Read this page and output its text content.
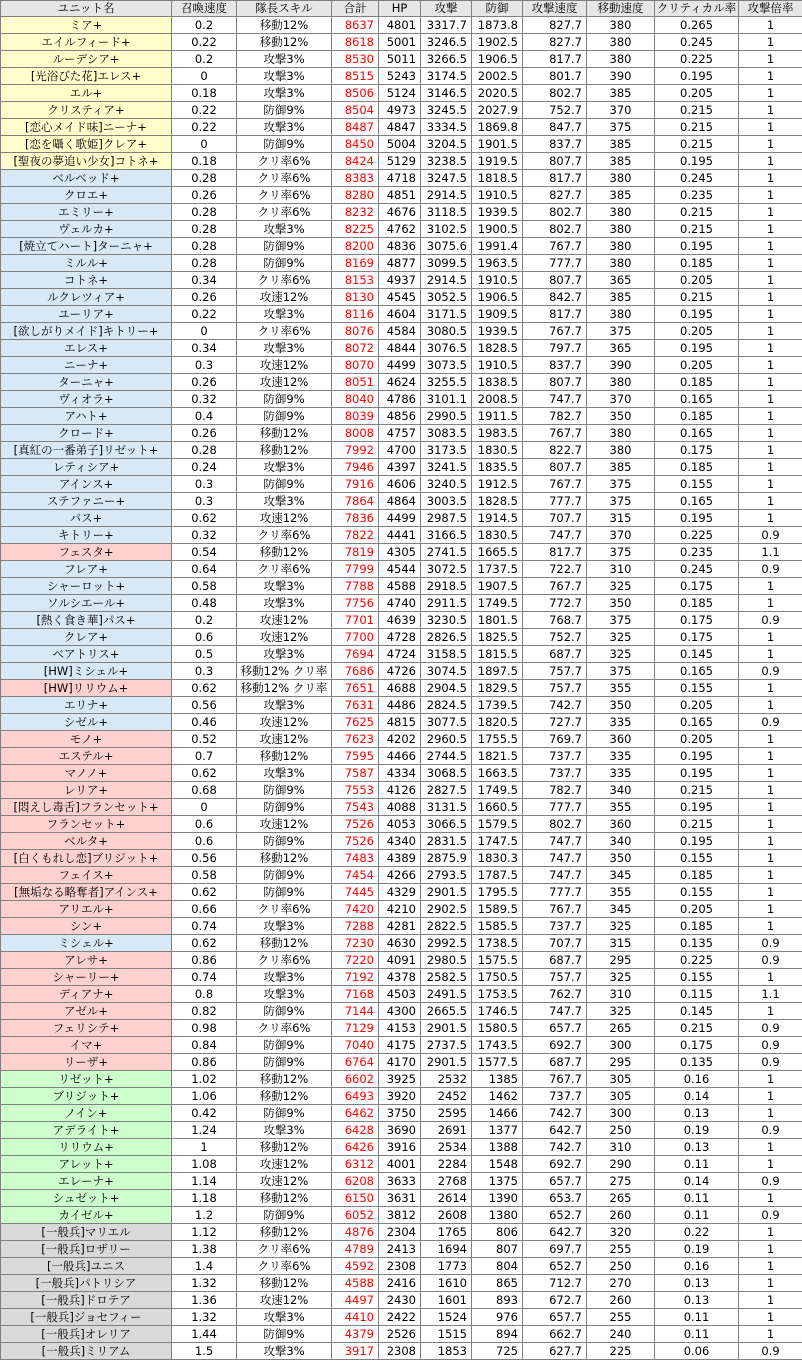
ユニット名	召喚速度	隊長スキル	合計	HP	攻撃	防御	攻撃速度	移動速度	クリティカル率	攻撃倍率
ミア+	0.2	移動12%	8637	4801	3317.7	1873.8	827.7	380	0.265	1
エイルフィード+	0.22	移動12%	8618	5001	3246.5	1902.5	827.7	380	0.245	1
ルーデシア+	0.2	攻撃3%	8530	5011	3266.5	1906.5	817.7	380	0.225	1
[光浴びた花]エレス+	0	攻撃3%	8515	5243	3174.5	2002.5	801.7	390	0.195	1
エル+	0.18	攻撃3%	8506	5124	3146.5	2020.5	802.7	385	0.205	1
クリスティア+	0.22	防御9%	8504	4973	3245.5	2027.9	752.7	370	0.215	1
[恋心メイド味]ニーナ+	0.22	攻撃3%	8487	4847	3334.5	1869.8	847.7	375	0.215	1
[恋を囁く歌姫]クレア+	0	防御9%	8450	5004	3204.5	1901.5	837.7	385	0.215	1
[聖夜の夢追い少女]コトネ+	0.18	クリ率6%	8424	5129	3238.5	1919.5	807.7	385	0.195	1
ベルベッド+	0.28	クリ率6%	8383	4718	3247.5	1818.5	817.7	380	0.245	1
クロエ+	0.26	クリ率6%	8280	4851	2914.5	1910.5	827.7	385	0.235	1
エミリー+	0.28	クリ率6%	8232	4676	3118.5	1939.5	802.7	380	0.215	1
ヴェルカ+	0.28	攻撃3%	8225	4762	3102.5	1900.5	802.7	380	0.215	1
[焼立てハート]ターニャ+	0.28	防御9%	8200	4836	3075.6	1991.4	767.7	380	0.195	1
ミルル+	0.28	防御9%	8169	4877	3099.5	1963.5	777.7	380	0.185	1
コトネ+	0.34	クリ率6%	8153	4937	2914.5	1910.5	807.7	365	0.205	1
ルクレツィア+	0.26	攻速12%	8130	4545	3052.5	1906.5	842.7	385	0.215	1
ユーリア+	0.22	攻撃3%	8116	4604	3171.5	1909.5	817.7	380	0.195	1
[欲しがりメイド]キトリー+	0	クリ率6%	8076	4584	3080.5	1939.5	767.7	375	0.205	1
エレス+	0.34	攻撃3%	8072	4844	3076.5	1828.5	797.7	365	0.195	1
ニーナ+	0.3	攻速12%	8070	4499	3073.5	1910.5	837.7	390	0.205	1
ターニャ+	0.26	攻速12%	8051	4624	3255.5	1838.5	807.7	380	0.185	1
ヴィオラ+	0.32	防御9%	8040	4786	3101.1	2008.5	747.7	370	0.165	1
アハト+	0.4	防御9%	8039	4856	2990.5	1911.5	782.7	350	0.185	1
クロード+	0.26	移動12%	8008	4757	3083.5	1983.5	767.7	380	0.165	1
[真紅の一番弟子]リゼット+	0.28	移動12%	7992	4700	3173.5	1830.5	822.7	380	0.175	1
レティシア+	0.24	攻撃3%	7946	4397	3241.5	1835.5	807.7	385	0.185	1
アインス+	0.3	防御9%	7916	4606	3240.5	1912.5	767.7	375	0.155	1
ステファニー+	0.3	攻撃3%	7864	4864	3003.5	1828.5	777.7	375	0.165	1
パス+	0.62	攻速12%	7836	4499	2987.5	1914.5	707.7	315	0.195	1
キトリー+	0.32	クリ率6%	7822	4441	3166.5	1830.5	747.7	370	0.225	0.9
フェスタ+	0.54	移動12%	7819	4305	2741.5	1665.5	817.7	375	0.235	1.1
フレア+	0.64	クリ率6%	7799	4544	3072.5	1737.5	722.7	310	0.245	0.9
シャーロット+	0.58	攻撃3%	7788	4588	2918.5	1907.5	767.7	325	0.175	1
ソルシエール+	0.48	攻撃3%	7756	4740	2911.5	1749.5	772.7	350	0.185	1
[熱く食き華]パス+	0.2	攻速12%	7701	4639	3230.5	1801.5	768.7	375	0.175	0.9
クレア+	0.6	攻速12%	7700	4728	2826.5	1825.5	752.7	325	0.175	1
ベアトリス+	0.5	攻撃3%	7694	4724	3158.5	1815.5	687.7	325	0.145	1
[HW]ミシェル+	0.3	移動12% クリ率	7686	4726	3074.5	1897.5	757.7	375	0.165	0.9
[HW]リリウム+	0.62	移動12% クリ率	7651	4688	2904.5	1829.5	757.7	355	0.155	1
エリナ+	0.56	攻撃3%	7631	4486	2824.5	1739.5	742.7	350	0.205	1
シゼル+	0.46	攻速12%	7625	4815	3077.5	1820.5	727.7	335	0.165	0.9
モノ+	0.52	攻速12%	7623	4202	2960.5	1755.5	769.7	360	0.205	1
エステル+	0.7	移動12%	7595	4466	2744.5	1821.5	737.7	335	0.195	1
マノノ+	0.62	攻撃3%	7587	4334	3068.5	1663.5	737.7	335	0.195	1
レリア+	0.68	防御9%	7553	4126	2827.5	1749.5	782.7	340	0.215	1
[悶えし毒舌]フランセット+	0	防御9%	7543	4088	3131.5	1660.5	777.7	355	0.195	1
フランセット+	0.6	攻速12%	7526	4053	3066.5	1579.5	802.7	360	0.215	1
ベルタ+	0.6	防御9%	7526	4340	2831.5	1747.5	747.7	340	0.195	1
[白くもれし恋]ブリジット+	0.56	移動12%	7483	4389	2875.9	1830.3	747.7	350	0.155	1
フェイス+	0.58	防御9%	7454	4266	2793.5	1787.5	747.7	345	0.185	1
[無垢なる略奪者]アインス+	0.62	防御9%	7445	4329	2901.5	1795.5	777.7	355	0.155	1
アリエル+	0.66	クリ率6%	7420	4210	2902.5	1589.5	767.7	345	0.205	1
シン+	0.74	攻撃3%	7288	4281	2822.5	1585.5	737.7	325	0.185	1
ミシェル+	0.62	移動12%	7230	4630	2992.5	1738.5	707.7	315	0.135	0.9
アレサ+	0.86	クリ率6%	7220	4091	2980.5	1575.5	687.7	295	0.225	0.9
シャーリー+	0.74	攻撃3%	7192	4378	2582.5	1750.5	757.7	325	0.155	1
ディアナ+	0.8	攻撃3%	7168	4503	2491.5	1753.5	762.7	310	0.115	1.1
アゼル+	0.82	防御9%	7144	4300	2665.5	1746.5	747.7	325	0.145	1
フェリシテ+	0.98	クリ率6%	7129	4153	2901.5	1580.5	657.7	265	0.215	0.9
イマ+	0.84	防御9%	7040	4175	2737.5	1743.5	692.7	300	0.175	0.9
リーザ+	0.86	防御9%	6764	4170	2901.5	1577.5	687.7	295	0.135	0.9
リゼット+	1.02	移動12%	6602	3925	2532	1385	767.7	305	0.16	1
ブリジット+	1.06	移動12%	6493	3920	2452	1462	737.7	305	0.14	1
ノイン+	0.42	防御9%	6462	3750	2595	1466	742.7	300	0.13	1
アデライト+	1.24	攻撃3%	6428	3690	2691	1377	642.7	250	0.19	0.9
リリウム+	1	移動12%	6426	3916	2534	1388	742.7	310	0.13	1
アレット+	1.08	攻速12%	6312	4001	2284	1548	692.7	290	0.11	1
エレーナ+	1.14	攻速12%	6208	3633	2768	1375	657.7	275	0.14	0.9
シュゼット+	1.18	移動12%	6150	3631	2614	1390	653.7	265	0.11	1
カイゼル+	1.2	防御9%	6052	3812	2608	1380	652.7	260	0.11	0.9
[一般兵]マリエル	1.12	移動12%	4876	2304	1765	806	642.7	320	0.22	1
[一般兵]ロザリー	1.38	クリ率6%	4789	2413	1694	807	697.7	255	0.19	1
[一般兵]ユニス	1.4	クリ率6%	4592	2308	1773	804	652.7	250	0.16	1
[一般兵]パトリシア	1.32	移動12%	4588	2416	1610	865	712.7	270	0.13	1
[一般兵]ドロテア	1.36	攻速12%	4497	2430	1601	893	672.7	260	0.13	1
[一般兵]ジョセフィー	1.32	攻撃3%	4410	2422	1524	976	657.7	255	0.11	1
[一般兵]オレリア	1.44	防御9%	4379	2526	1515	894	662.7	240	0.11	1
[一般兵]ミリアム	1.5	攻撃3%	3917	2308	1853	725	627.7	225	0.06	0.9
